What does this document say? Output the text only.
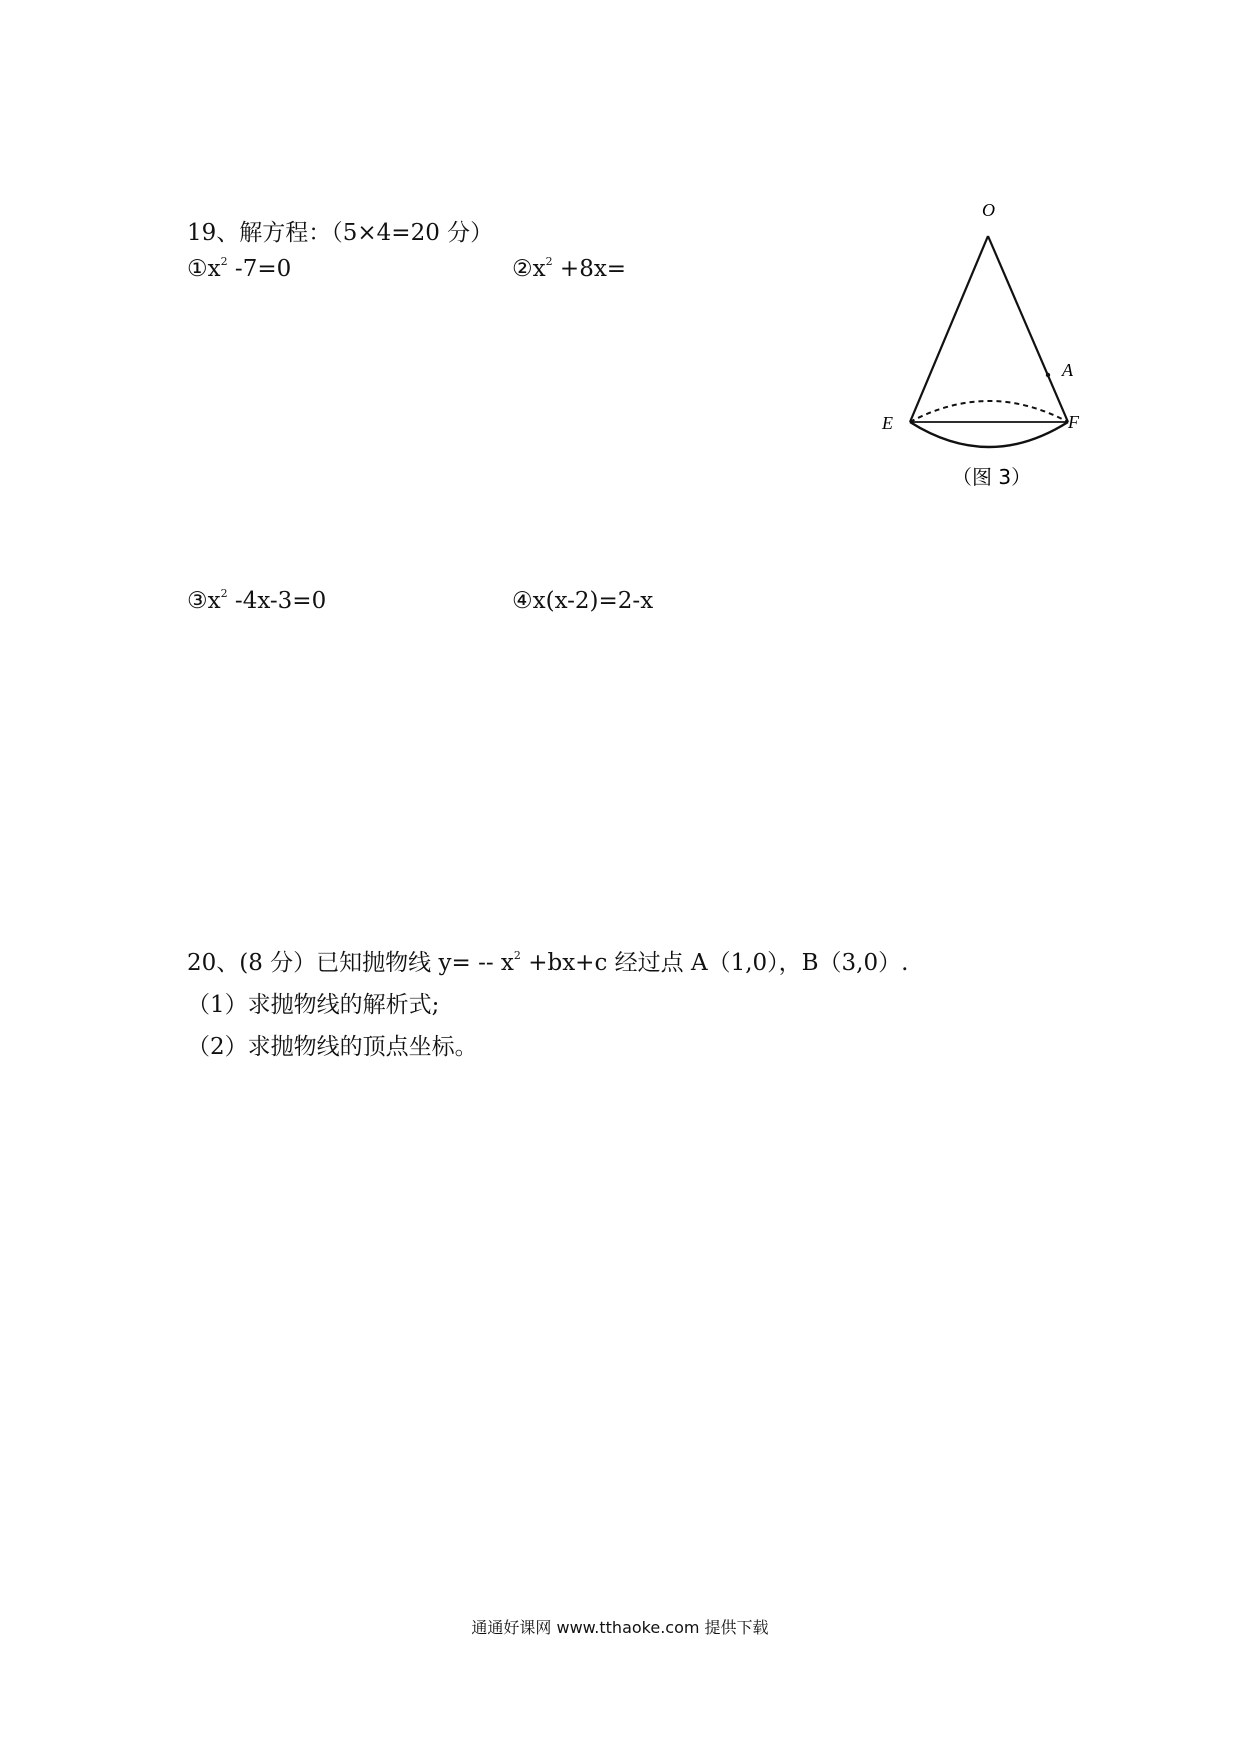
19、解方程：（5×4=20 分）
$①x^2$ -7=0	$②x^2 +8x=$
$③x^2$ -4x-3=0	④x(x-2)=2-x
O
A
E	F
（图 3）
20、(8 分）已知抛物线 $y= -- x^2 +bx+c$ 经过点 A（1,0），B（3,0）.
（1）求抛物线的解析式;
（2）求抛物线的顶点坐标。
通通好课网 www.tthaoke.com 提供下载
